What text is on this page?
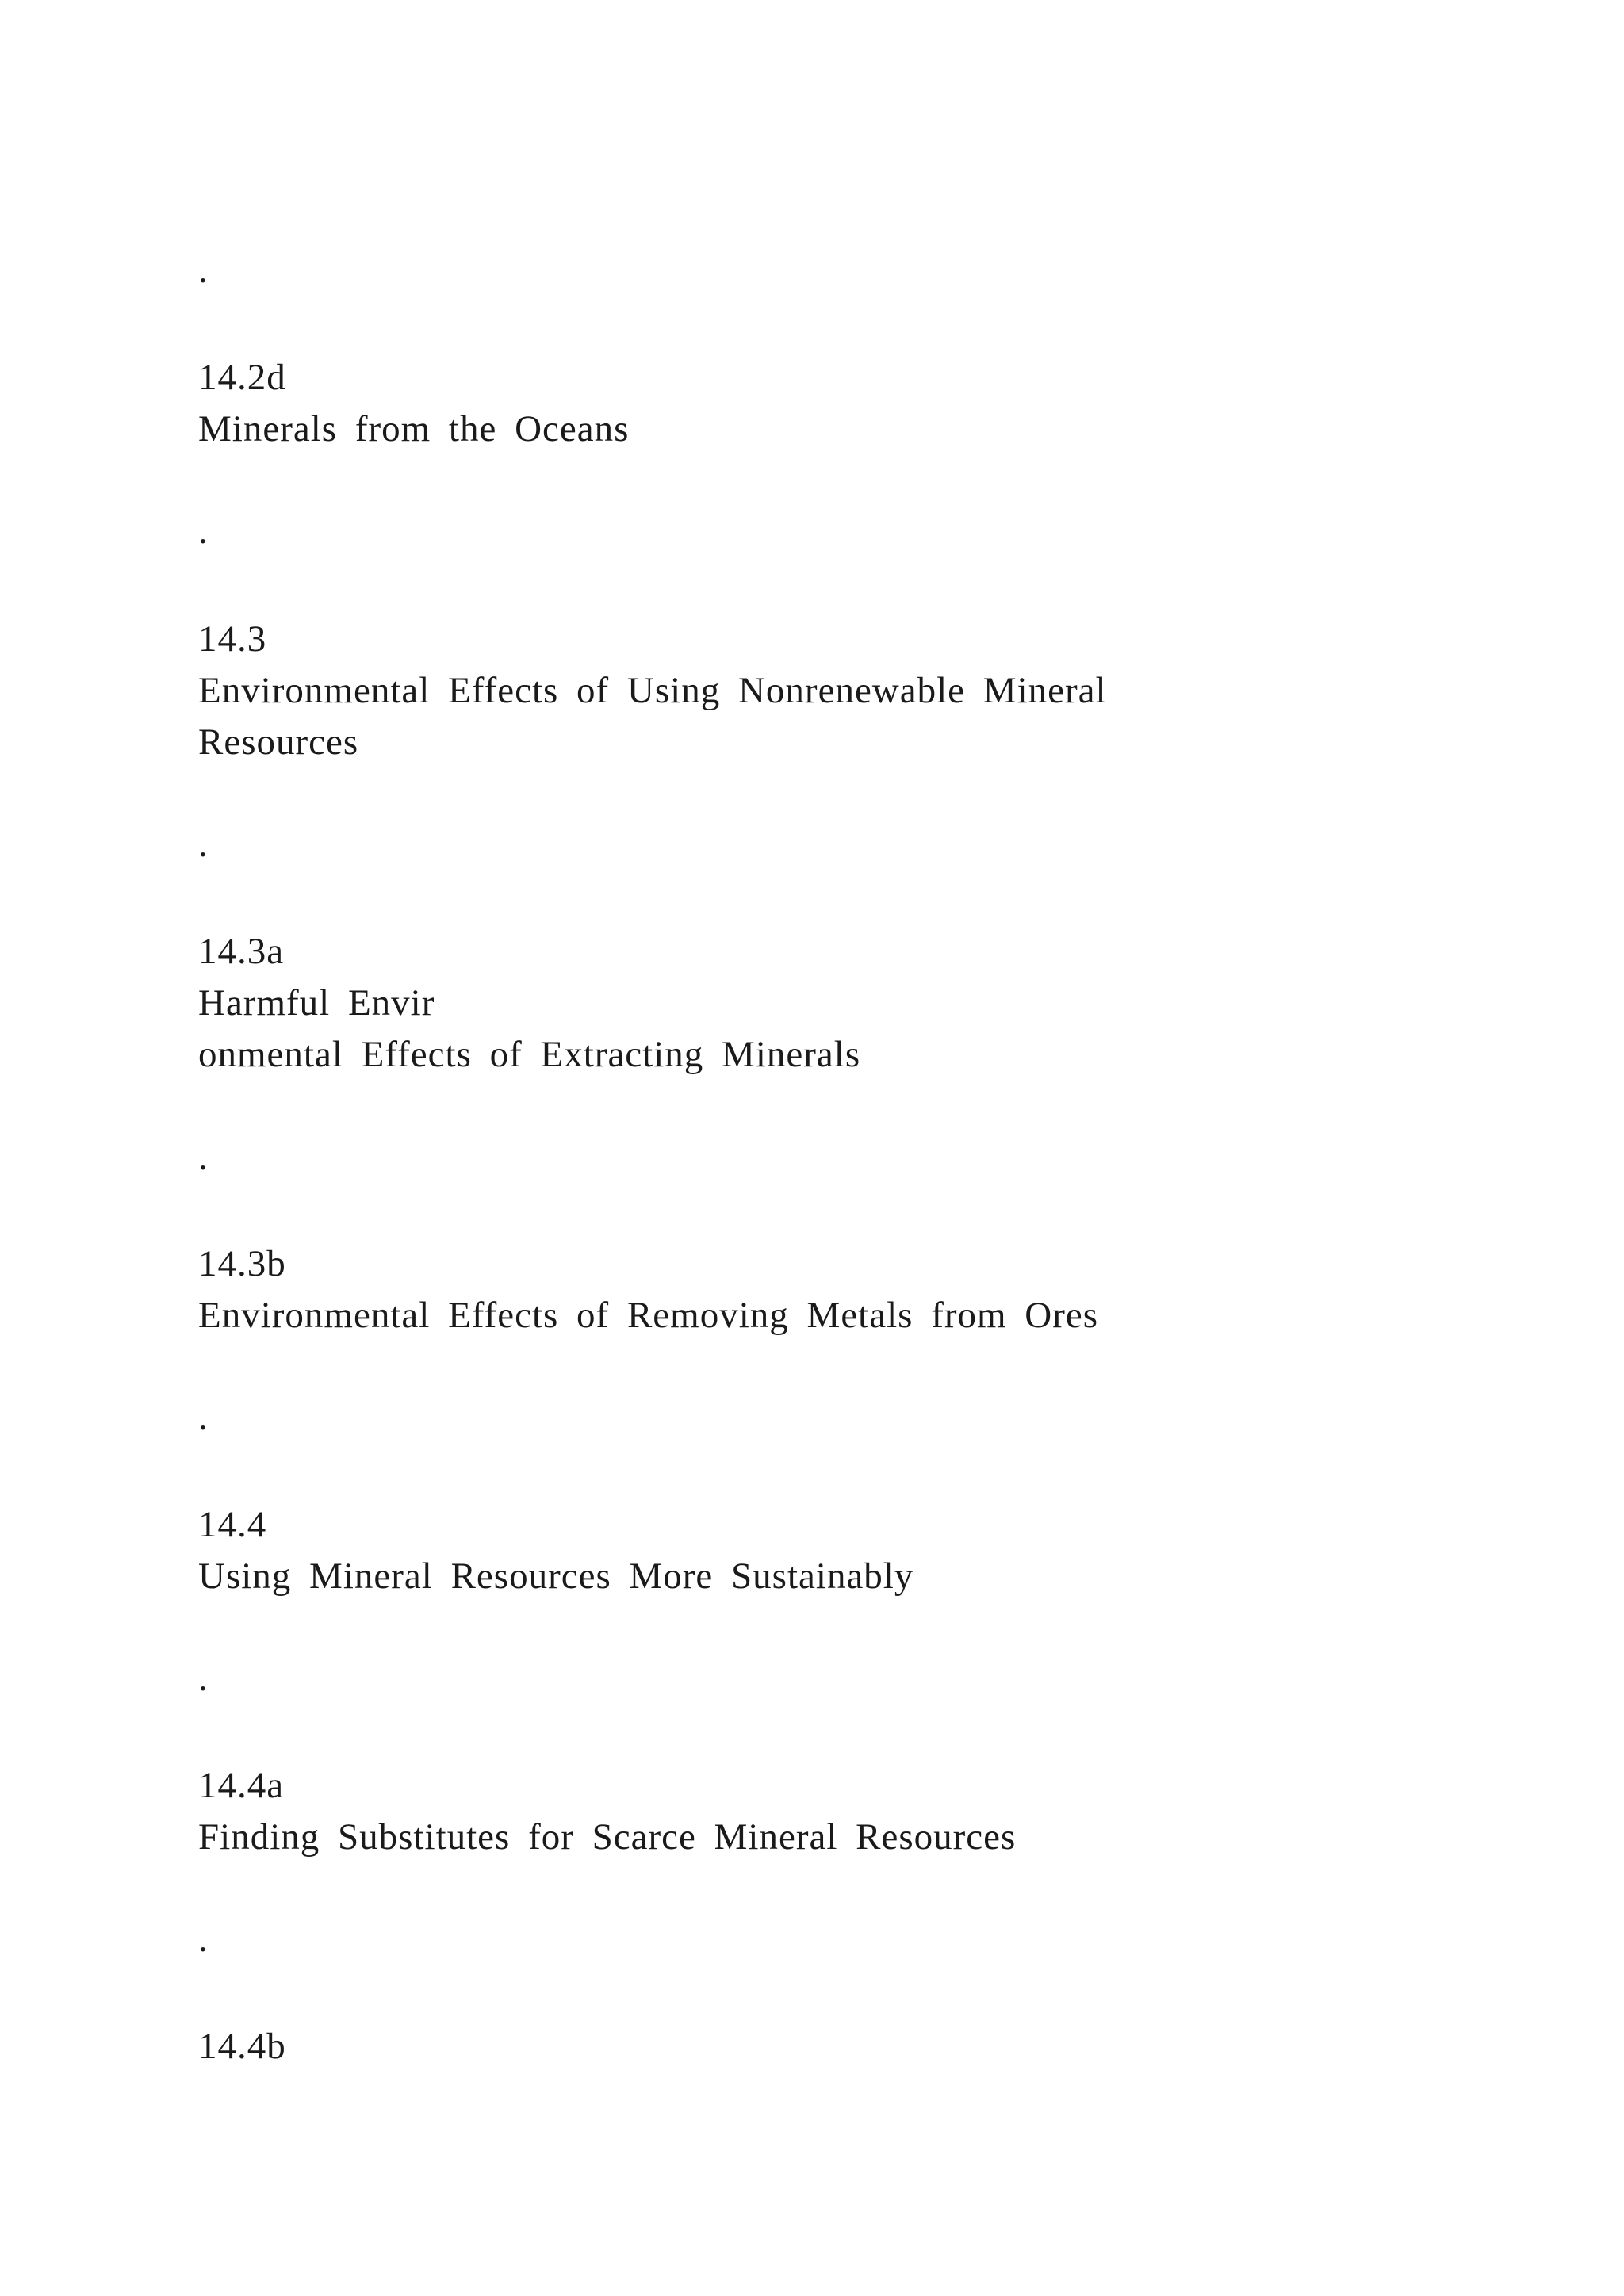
.

14.2d

Minerals from the Oceans

.

14.3

Environmental Effects of Using Nonrenewable Mineral

Resources

.

14.3a

Harmful Envir

onmental Effects of Extracting Minerals

.

14.3b

Environmental Effects of Removing Metals from Ores

.

14.4

Using Mineral Resources More Sustainably

.

14.4a

Finding Substitutes for Scarce Mineral Resources

.

14.4b
